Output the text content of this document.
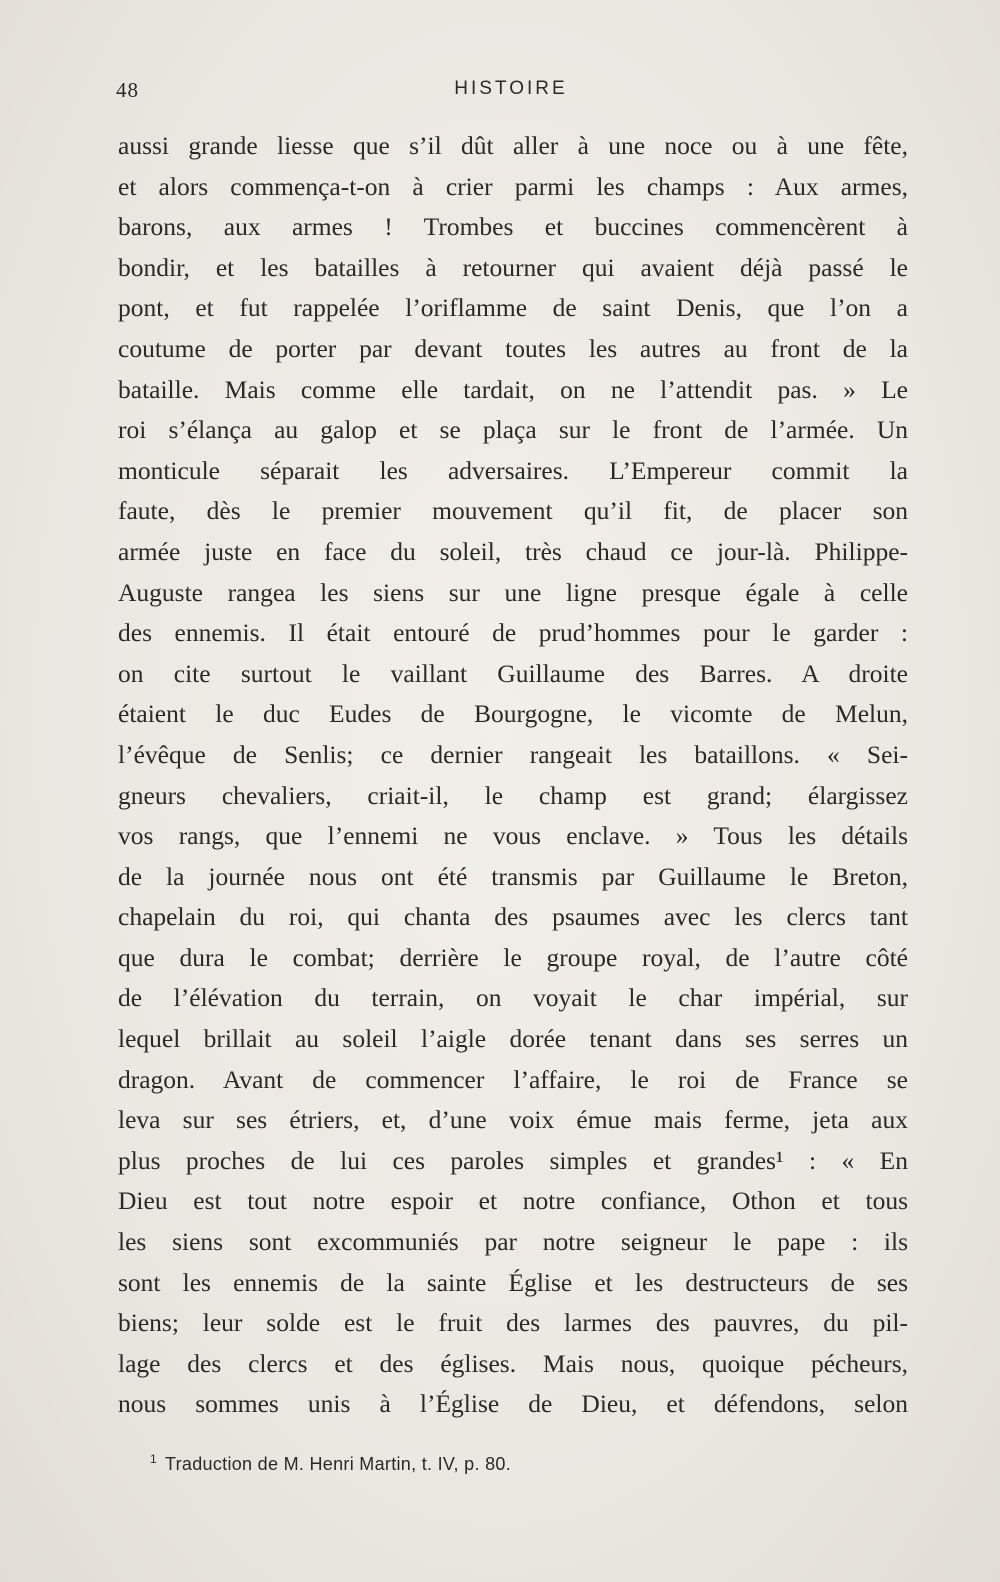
48	HISTOIRE
aussi grande liesse que s’il dût aller à une noce ou à une fête,
et alors commença-t-on à crier parmi les champs : Aux armes,
barons, aux armes ! Trombes et buccines commencèrent à
bondir, et les batailles à retourner qui avaient déjà passé le
pont, et fut rappelée l’oriflamme de saint Denis, que l’on a
coutume de porter par devant toutes les autres au front de la
bataille. Mais comme elle tardait, on ne l’attendit pas. » Le
roi s’élança au galop et se plaça sur le front de l’armée. Un
monticule séparait les adversaires. L’Empereur commit la
faute, dès le premier mouvement qu’il fit, de placer son
armée juste en face du soleil, très chaud ce jour-là. Philippe-
Auguste rangea les siens sur une ligne presque égale à celle
des ennemis. Il était entouré de prud’hommes pour le garder :
on cite surtout le vaillant Guillaume des Barres. A droite
étaient le duc Eudes de Bourgogne, le vicomte de Melun,
l’évêque de Senlis; ce dernier rangeait les bataillons. « Sei-
gneurs chevaliers, criait-il, le champ est grand; élargissez
vos rangs, que l’ennemi ne vous enclave. » Tous les détails
de la journée nous ont été transmis par Guillaume le Breton,
chapelain du roi, qui chanta des psaumes avec les clercs tant
que dura le combat; derrière le groupe royal, de l’autre côté
de l’élévation du terrain, on voyait le char impérial, sur
lequel brillait au soleil l’aigle dorée tenant dans ses serres un
dragon. Avant de commencer l’affaire, le roi de France se
leva sur ses étriers, et, d’une voix émue mais ferme, jeta aux
plus proches de lui ces paroles simples et grandes¹ : « En
Dieu est tout notre espoir et notre confiance, Othon et tous
les siens sont excommuniés par notre seigneur le pape : ils
sont les ennemis de la sainte Église et les destructeurs de ses
biens; leur solde est le fruit des larmes des pauvres, du pil-
lage des clercs et des églises. Mais nous, quoique pécheurs,
nous sommes unis à l’Église de Dieu, et défendons, selon
$^1$ Traduction de M. Henri Martin, t. IV, p. 80.
